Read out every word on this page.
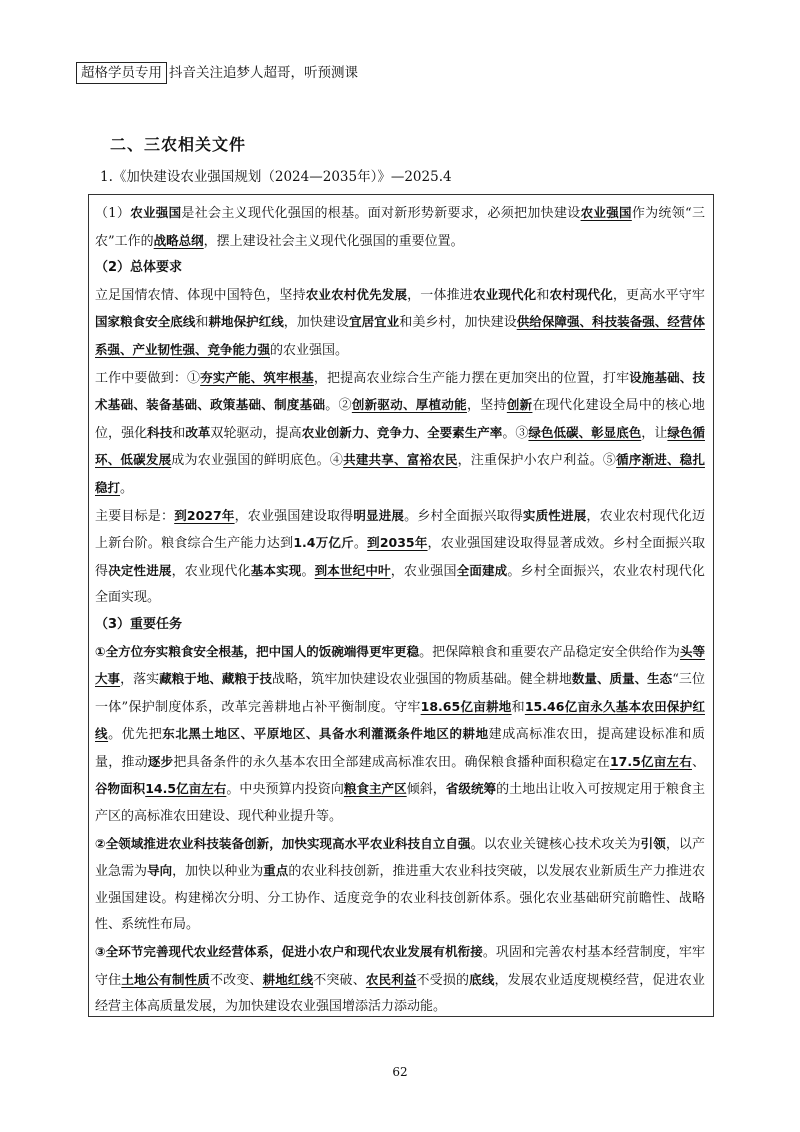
超格学员专用 抖音关注追梦人超哥，听预测课
二、三农相关文件
1.《加快建设农业强国规划（2024—2035年）》—2025.4

（1）农业强国是社会主义现代化强国的根基。面对新形势新要求，必须把加快建设农业强国作为统领“三农”工作的战略总纲，摆上建设社会主义现代化强国的重要位置。

（2）总体要求

立足国情农情、体现中国特色，坚持农业农村优先发展，一体推进农业现代化和农村现代化，更高水平守牢国家粮食安全底线和耕地保护红线，加快建设宜居宜业和美乡村，加快建设供给保障强、科技装备强、经营体系强、产业韧性强、竞争能力强的农业强国。

工作中要做到：①夯实产能、筑牢根基，把提高农业综合生产能力摆在更加突出的位置，打牢设施基础、技术基础、装备基础、政策基础、制度基础。②创新驱动、厚植动能，坚持创新在现代化建设全局中的核心地位，强化科技和改革双轮驱动，提高农业创新力、竞争力、全要素生产率。③绿色低碳、彰显底色，让绿色循环、低碳发展成为农业强国的鲜明底色。④共建共享、富裕农民，注重保护小农户利益。⑤循序渐进、稳扎稳打。

主要目标是：到2027年，农业强国建设取得明显进展。乡村全面振兴取得实质性进展，农业农村现代化迈上新台阶。粮食综合生产能力达到1.4万亿斤。到2035年，农业强国建设取得显著成效。乡村全面振兴取得决定性进展，农业现代化基本实现。到本世纪中叶，农业强国全面建成。乡村全面振兴，农业农村现代化全面实现。

（3）重要任务

①全方位夯实粮食安全根基，把中国人的饭碗端得更牢更稳。把保障粮食和重要农产品稳定安全供给作为头等大事，落实藏粮于地、藏粮于技战略，筑牢加快建设农业强国的物质基础。健全耕地数量、质量、生态“三位一体”保护制度体系，改革完善耕地占补平衡制度。守牢18.65亿亩耕地和15.46亿亩永久基本农田保护红线。优先把东北黑土地区、平原地区、具备水利灌溉条件地区的耕地建成高标准农田，提高建设标准和质量，推动逐步把具备条件的永久基本农田全部建成高标准农田。确保粮食播种面积稳定在17.5亿亩左右、谷物面积14.5亿亩左右。中央预算内投资向粮食主产区倾斜，省级统筹的土地出让收入可按规定用于粮食主产区的高标准农田建设、现代种业提升等。

②全领域推进农业科技装备创新，加快实现高水平农业科技自立自强。以农业关键核心技术攻关为引领，以产业急需为导向，加快以种业为重点的农业科技创新，推进重大农业科技突破，以发展农业新质生产力推进农业强国建设。构建梯次分明、分工协作、适度竞争的农业科技创新体系。强化农业基础研究前瞻性、战略性、系统性布局。

③全环节完善现代农业经营体系，促进小农户和现代农业发展有机衔接。巩固和完善农村基本经营制度，牢牢守住土地公有制性质不改变、耕地红线不突破、农民利益不受损的底线，发展农业适度规模经营，促进农业经营主体高质量发展，为加快建设农业强国增添活力添动能。

62
